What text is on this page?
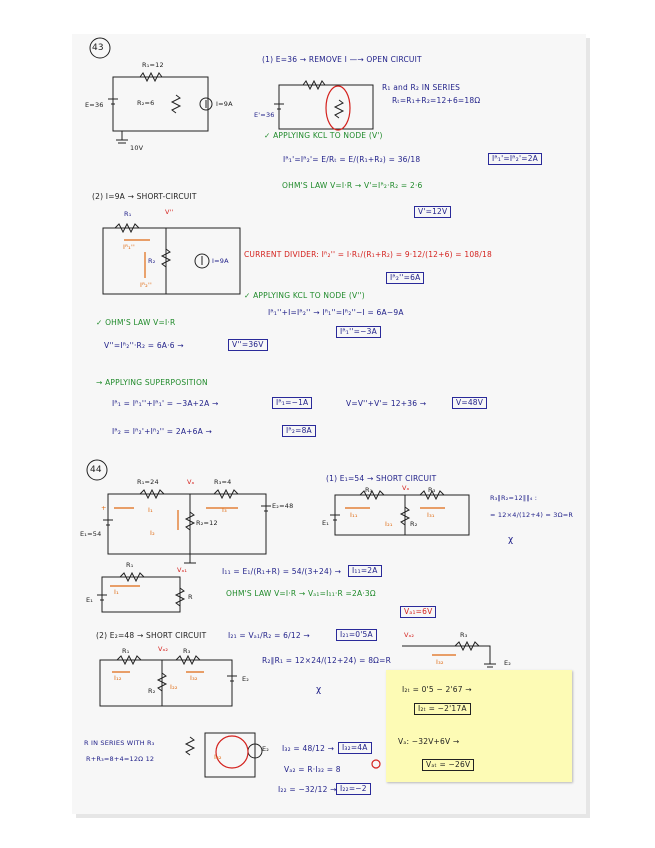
43
R₁=12
R₂=6
E=36	I=9A
10V
(1) E=36 → REMOVE I —→ OPEN CIRCUIT
R₁ and R₂ IN SERIES
Rₜ=R₁+R₂=12+6=18Ω
E'=36
✓ APPLYING KCL TO NODE (V')
Iᴿ₁'=Iᴿ₂'= E/Rₜ = E/(R₁+R₂) = 36/18	Iᴿ₁'=Iᴿ₂'=2A
OHM'S LAW V=I·R → V'=Iᴿ₂·R₂ = 2·6
V'=12V
(2) I=9A → SHORT-CIRCUIT
R₁	V''
Iᴿ₁''
R₂
Iᴿ₂''
I=9A
CURRENT DIVIDER: Iᴿ₂'' = I·R₁/(R₁+R₂) = 9·12/(12+6) = 108/18
Iᴿ₂''=6A
✓ APPLYING KCL TO NODE (V'')
Iᴿ₁''+I=Iᴿ₂'' → Iᴿ₁''=Iᴿ₂''−I = 6A−9A
Iᴿ₁''=−3A
✓ OHM'S LAW V=I·R
V''=Iᴿ₂''·R₂ = 6A·6 →	V''=36V
→ APPLYING SUPERPOSITION
Iᴿ₁ = Iᴿ₁''+Iᴿ₁' = −3A+2A →	Iᴿ₁=−1A	V=V''+V'= 12+36 →	V=48V
Iᴿ₂ = Iᴿ₂'+Iᴿ₂'' = 2A+6A →	Iᴿ₂=8A
44
R₁=24	Vₐ	R₃=4
E₂=48
E₁=54
R₂=12
I₁
I₂
I₃
+
(1) E₁=54 → SHORT CIRCUIT
R₁	Vₐ	R₃
E₁
I₁₁	I₃₁
I₂₁	R₂
R₃∥R₂=12∥∥₄ :
= 12×4/(12+4) = 3Ω=R
χ
R₁
Vₐ₁
I₁
E₁	R
I₁₁ = E₁/(R₁+R) = 54/(3+24) →	I₁₁=2A
OHM'S LAW V=I·R → Vₐ₁=I₁₁·R =2A·3Ω
Vₐ₁=6V
(2) E₂=48 → SHORT CIRCUIT	I₂₁ = Vₐ₁/R₂ = 6/12 →	I₂₁=0'5A
R₁	Vₐ₂ R₃
I₁₂
I₂₂
I₃₂
R₂
E₂
R₂∥R₁ = 12×24/(12+24) = 8Ω=R
χ
Vₐ₂	R₃
I₃₂	E₂
R IN SERIES WITH R₃
R+R₃=8+4=12Ω 12	I₃₂
E₂ I₃₂ = 48/12 →	I₃₂=4A
Vₐ₂ = R·I₃₂ = 8
I₂₂ = −32/12 → I₂₂=−2
I₂ₜ = 0'5 − 2'67 →
I₂ₜ = −2'17A
Vₐ: −32V+6V →
Vₐₜ = −26V
